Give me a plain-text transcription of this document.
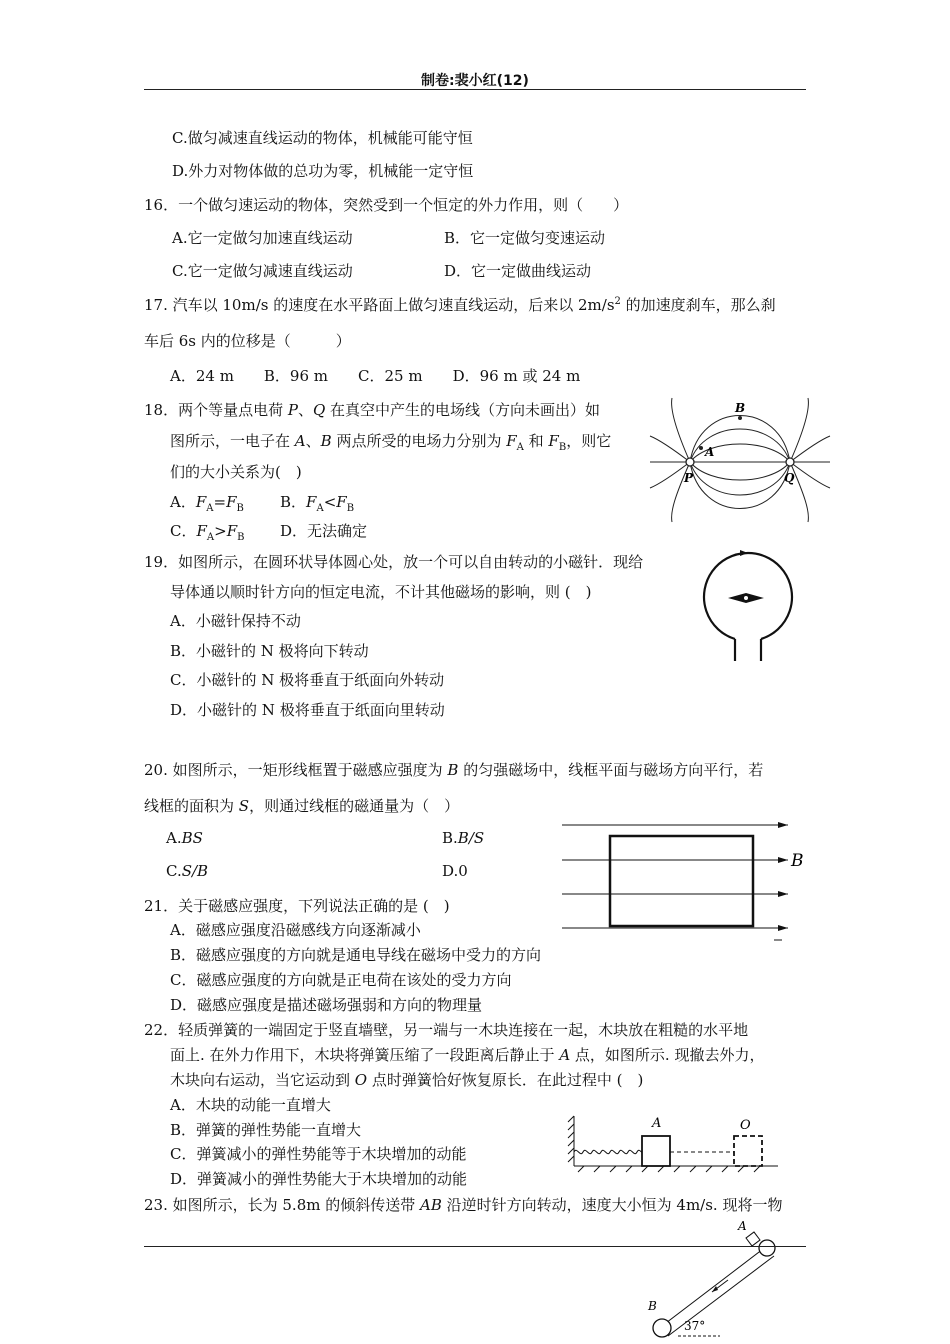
制卷:裴小红(12)
C.做匀减速直线运动的物体，机械能可能守恒
D.外力对物体做的总功为零，机械能一定守恒
16．一个做匀速运动的物体，突然受到一个恒定的外力作用，则（　　）
A.它一定做匀加速直线运动	B．它一定做匀变速运动
C.它一定做匀减速直线运动	D．它一定做曲线运动
17. 汽车以 10m/s 的速度在水平路面上做匀速直线运动，后来以 $2m/s^2$ 的加速度刹车，那么刹
车后 6s 内的位移是（　　　）
A．24 m　　B．96 m　　C．25 m　　D．96 m 或 24 m
18．两个等量点电荷 P、Q 在真空中产生的电场线（方向未画出）如
图所示，一电子在 A、B 两点所受的电场力分别为 $F_A$ 和 $F_B$，则它
们的大小关系为(　)
A．$F_A=F_B$ B．$F_A<F_B$
C．$F_A>F_B$ D．无法确定
A
B
P	Q
19．如图所示，在圆环状导体圆心处，放一个可以自由转动的小磁针．现给
导体通以顺时针方向的恒定电流，不计其他磁场的影响，则 (　)
A．小磁针保持不动
B．小磁针的 N 极将向下转动
C．小磁针的 N 极将垂直于纸面向外转动
D．小磁针的 N 极将垂直于纸面向里转动
20. 如图所示，一矩形线框置于磁感应强度为 B 的匀强磁场中，线框平面与磁场方向平行，若
线框的面积为 S，则通过线框的磁通量为（　）
A.BS	B.B/S
C.S/B	D.0	B
21．关于磁感应强度，下列说法正确的是 (　)
A．磁感应强度沿磁感线方向逐渐减小
B．磁感应强度的方向就是通电导线在磁场中受力的方向
C．磁感应强度的方向就是正电荷在该处的受力方向
D．磁感应强度是描述磁场强弱和方向的物理量
22．轻质弹簧的一端固定于竖直墙壁，另一端与一木块连接在一起，木块放在粗糙的水平地
面上. 在外力作用下，木块将弹簧压缩了一段距离后静止于 A 点，如图所示. 现撤去外力，
木块向右运动，当它运动到 O 点时弹簧恰好恢复原长．在此过程中 (　)
A．木块的动能一直增大
B．弹簧的弹性势能一直增大
C．弹簧减小的弹性势能等于木块增加的动能
D．弹簧减小的弹性势能大于木块增加的动能
A	O
23. 如图所示，长为 5.8m 的倾斜传送带 AB 沿逆时针方向转动，速度大小恒为 4m/s. 现将一物
A
B
37°
